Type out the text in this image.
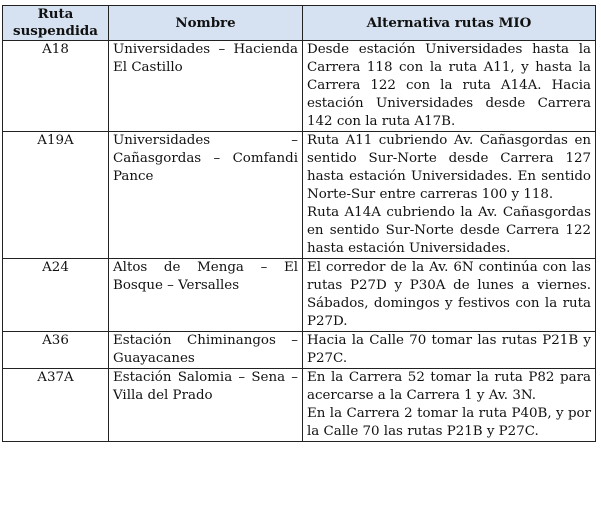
Ruta suspendida	Nombre	Alternativa rutas MIO
A18	Universidades – Hacienda El Castillo	Desde estación Universidades hasta la Carrera 118 con la ruta A11, y hasta la Carrera 122 con la ruta A14A. Hacia estación Universidades desde Carrera 142 con la ruta A17B.

A19A	Universidades – Cañasgordas – Comfandi Pance	Ruta A11 cubriendo Av. Cañasgordas en sentido Sur-Norte desde Carrera 127 hasta estación Universidades. En sentido Norte-Sur entre carreras 100 y 118.
Ruta A14A cubriendo la Av. Cañasgordas en sentido Sur-Norte desde Carrera 122 hasta estación Universidades.

A24	Altos de Menga – El Bosque – Versalles	El corredor de la Av. 6N continúa con las rutas P27D y P30A de lunes a viernes. Sábados, domingos y festivos con la ruta P27D.

A36	Estación Chiminangos – Guayacanes	Hacia la Calle 70 tomar las rutas P21B y P27C.

A37A	Estación Salomia – Sena – Villa del Prado	En la Carrera 52 tomar la ruta P82 para acercarse a la Carrera 1 y Av. 3N.
En la Carrera 2 tomar la ruta P40B, y por la Calle 70 las rutas P21B y P27C.
